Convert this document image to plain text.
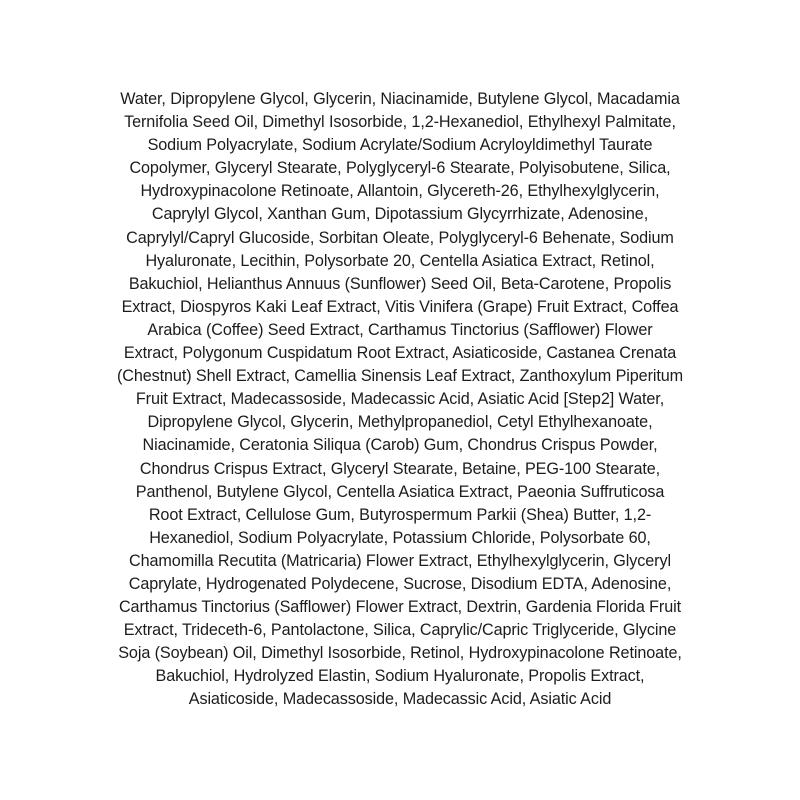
Water, Dipropylene Glycol, Glycerin, Niacinamide, Butylene Glycol, Macadamia
Ternifolia Seed Oil, Dimethyl Isosorbide, 1,2-Hexanediol, Ethylhexyl Palmitate,
Sodium Polyacrylate, Sodium Acrylate/Sodium Acryloyldimethyl Taurate
Copolymer, Glyceryl Stearate, Polyglyceryl-6 Stearate, Polyisobutene, Silica,
Hydroxypinacolone Retinoate, Allantoin, Glycereth-26, Ethylhexylglycerin,
Caprylyl Glycol, Xanthan Gum, Dipotassium Glycyrrhizate, Adenosine,
Caprylyl/Capryl Glucoside, Sorbitan Oleate, Polyglyceryl-6 Behenate, Sodium
Hyaluronate, Lecithin, Polysorbate 20, Centella Asiatica Extract, Retinol,
Bakuchiol, Helianthus Annuus (Sunflower) Seed Oil, Beta-Carotene, Propolis
Extract, Diospyros Kaki Leaf Extract, Vitis Vinifera (Grape) Fruit Extract, Coffea
Arabica (Coffee) Seed Extract, Carthamus Tinctorius (Safflower) Flower
Extract, Polygonum Cuspidatum Root Extract, Asiaticoside, Castanea Crenata
(Chestnut) Shell Extract, Camellia Sinensis Leaf Extract, Zanthoxylum Piperitum
Fruit Extract, Madecassoside, Madecassic Acid, Asiatic Acid [Step2] Water,
Dipropylene Glycol, Glycerin, Methylpropanediol, Cetyl Ethylhexanoate,
Niacinamide, Ceratonia Siliqua (Carob) Gum, Chondrus Crispus Powder,
Chondrus Crispus Extract, Glyceryl Stearate, Betaine, PEG-100 Stearate,
Panthenol, Butylene Glycol, Centella Asiatica Extract, Paeonia Suffruticosa
Root Extract, Cellulose Gum, Butyrospermum Parkii (Shea) Butter, 1,2-
Hexanediol, Sodium Polyacrylate, Potassium Chloride, Polysorbate 60,
Chamomilla Recutita (Matricaria) Flower Extract, Ethylhexylglycerin, Glyceryl
Caprylate, Hydrogenated Polydecene, Sucrose, Disodium EDTA, Adenosine,
Carthamus Tinctorius (Safflower) Flower Extract, Dextrin, Gardenia Florida Fruit
Extract, Trideceth-6, Pantolactone, Silica, Caprylic/Capric Triglyceride, Glycine
Soja (Soybean) Oil, Dimethyl Isosorbide, Retinol, Hydroxypinacolone Retinoate,
Bakuchiol, Hydrolyzed Elastin, Sodium Hyaluronate, Propolis Extract,
Asiaticoside, Madecassoside, Madecassic Acid, Asiatic Acid
